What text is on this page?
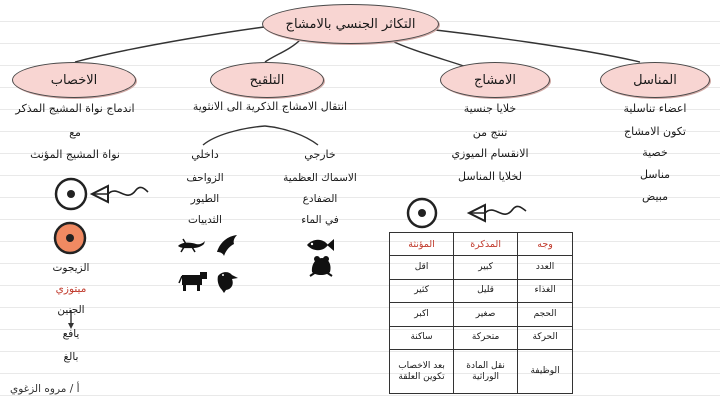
التكاثر الجنسي بالامشاج
الاخصاب	التلقيح	الامشاج	المناسل
اعضاء تناسلية
تكون الامشاج
خصية
مناسل
مبيض
خلايا جنسية
تنتج من
الانقسام الميوزي
لخلايا المناسل
انتقال الامشاج الذكرية الى الانثوية
داخلي
الزواحف
الطيور
الثدييات
خارجي
الاسماك العظمية
الضفادع
في الماء
اندماج نواة المشيج المذكر
مع
نواة المشيج المؤنث
الزيجوت
ميتوزي
الجنين
يافع
بالغ
وجه	المذكرة	المؤنثة
العدد	كبير	اقل
الغذاء	قليل	كثير
الحجم	صغير	اكبر
الحركة	متحركة	ساكنة
الوظيفة	نقل المادة الوراثية	بعد الاخصاب تكوين العلقة
أ / مروه الزغوي
